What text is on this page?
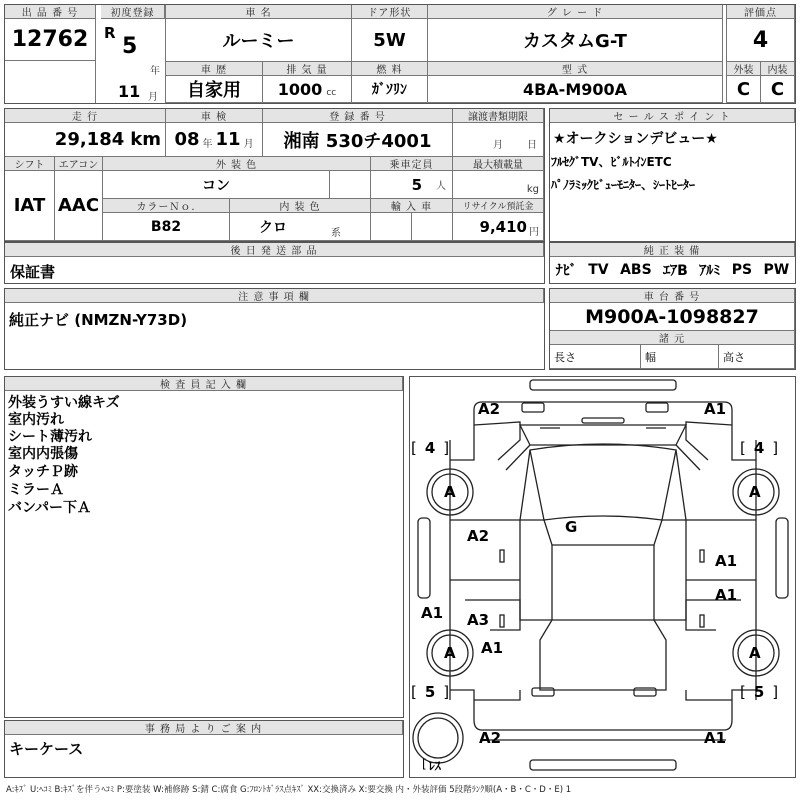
出 品 番 号
12762
初度登録
R
5
年
11 月
車 名
ルーミー
ドア形状
5W
グ レ ー ド
カスタムG-T
評価点
4
車 歴
自家用
排 気 量
1000 cc
燃 料
ｶﾞｿﾘﾝ
型 式
4BA-M900A
外装	内装
C	C
走 行
29,184 km
車 検
08 年 11 月
登 録 番 号
湘南 530チ4001
譲渡書類期限
月 日
シフト	エアコン
IAT AAC
外 装 色
コン
乗車定員
5 人
最大積載量
kg
カラーＮｏ.
B82
内 装 色
クロ	系
輸 入 車	リサイクル預託金
9,410 円
セ ー ル ス ポ イ ン ト
★オークションデビュー★
ﾌﾙｾｸﾞTV、ﾋﾞﾙﾄｲﾝETC
ﾊﾟﾉﾗﾐｯｸﾋﾞｭｰﾓﾆﾀｰ、ｼｰﾄﾋｰﾀｰ
後 日 発 送 部 品
保証書
純 正 装 備
ﾅﾋﾞ TV ABS ｴｱB ｱﾙﾐ PS PW
注 意 事 項 欄
純正ナビ (NMZN-Y73D)
車 台 番 号
M900A-1098827
諸 元
長さ	幅	高さ
検 査 員 記 入 欄
外装うすい線キズ
室内汚れ
シート薄汚れ
室内内張傷
タッチＰ跡
ミラーＡ
バンパー下Ａ
事 務 局 よ り ご 案 内
キーケース
A2	A1
[ 4 ]	[ 4 ]
A	A
G
A2
A1
A1
A1 A3
A1
A	A
[ 5 ]	[ 5 ]
A2	A1
[ ﾚｽ
A:ｷｽﾞ U:ﾍｺﾐ B:ｷｽﾞを伴うﾍｺﾐ P:要塗装 W:補修跡 S:錆 C:腐食 G:ﾌﾛﾝﾄｶﾞﾗｽ点ｷｽﾞ XX:交換済み X:要交換 内・外装評価 5段階ﾗﾝｸ順(A・B・C・D・E) 1
